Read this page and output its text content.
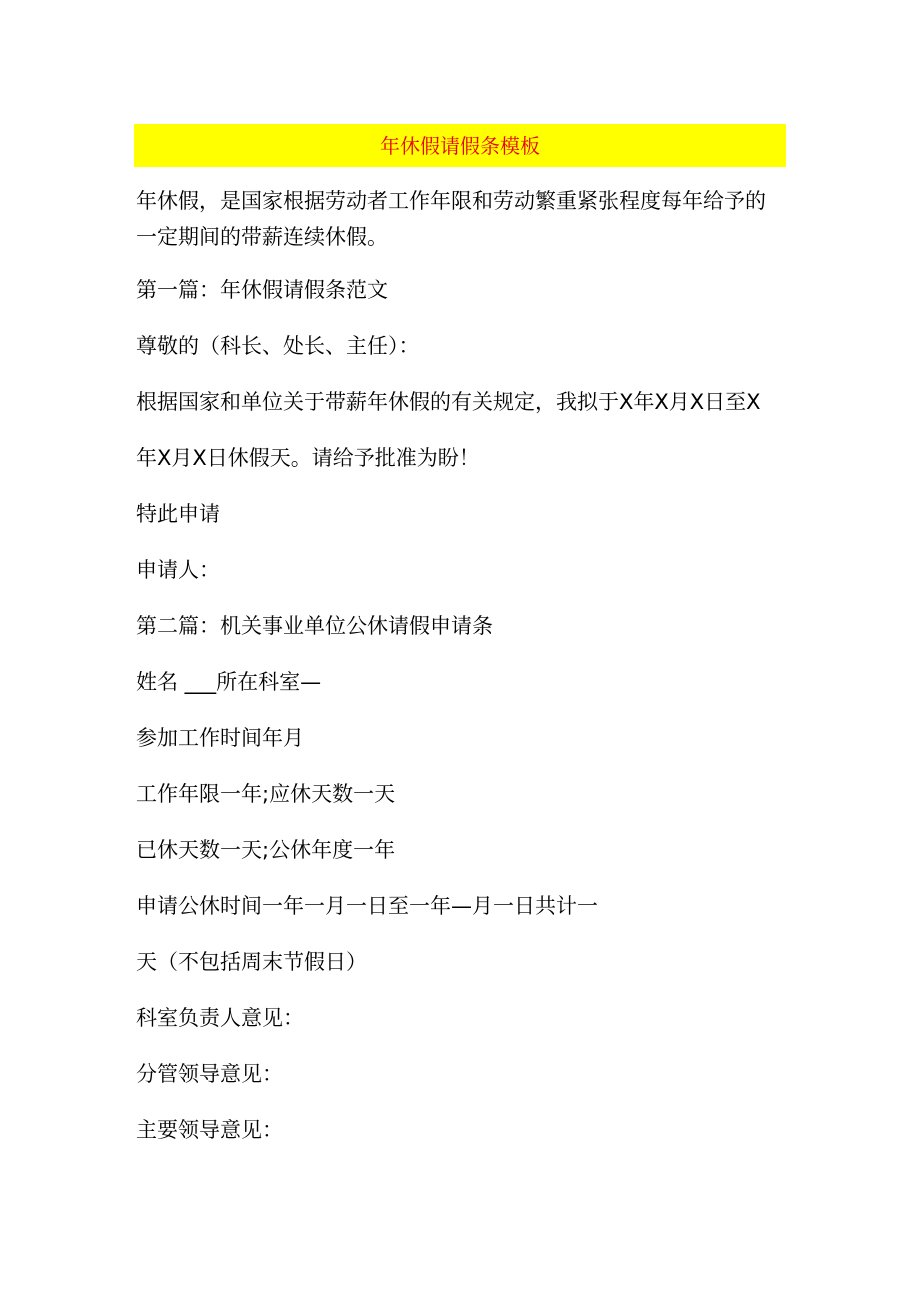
年休假请假条模板
年休假，是国家根据劳动者工作年限和劳动繁重紧张程度每年给予的一定期间的带薪连续休假。
第一篇：年休假请假条范文
尊敬的（科长、处长、主任）：
根据国家和单位关于带薪年休假的有关规定，我拟于X年X月X日至X
年X月X日休假天。请给予批准为盼！
特此申请
申请人：
第二篇：机关事业单位公休请假申请条
姓名 ___所在科室—
参加工作时间年月
工作年限一年;应休天数一天
已休天数一天;公休年度一年
申请公休时间一年一月一日至一年—月一日共计一
天（不包括周末节假日）
科室负责人意见：
分管领导意见：
主要领导意见：
